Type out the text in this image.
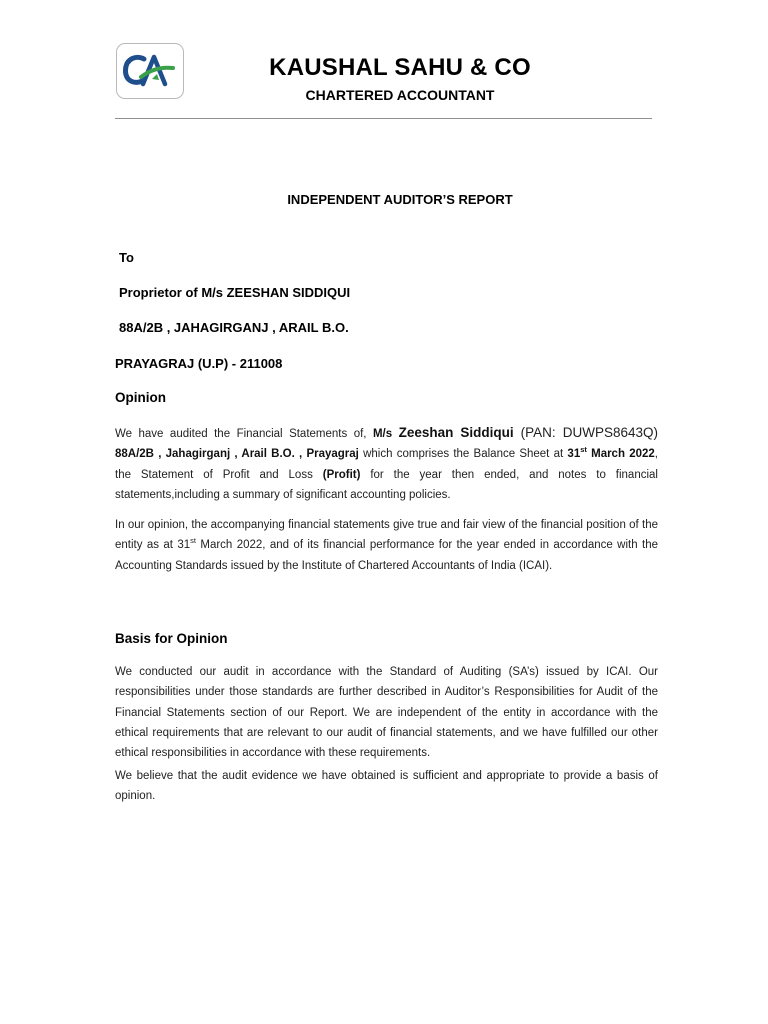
KAUSHAL SAHU & CO
CHARTERED ACCOUNTANT
INDEPENDENT AUDITOR’S REPORT
To
Proprietor of M/s ZEESHAN SIDDIQUI
88A/2B , JAHAGIRGANJ , ARAIL B.O.
PRAYAGRAJ (U.P) - 211008
Opinion
We have audited the Financial Statements of, M/s Zeeshan Siddiqui (PAN: DUWPS8643Q) 88A/2B , Jahagirganj , Arail B.O. , Prayagraj which comprises the Balance Sheet at 31st March 2022, the Statement of Profit and Loss (Profit) for the year then ended, and notes to financial statements,including a summary of significant accounting policies.
In our opinion, the accompanying financial statements give true and fair view of the financial position of the entity as at 31st March 2022, and of its financial performance for the year ended in accordance with the Accounting Standards issued by the Institute of Chartered Accountants of India (ICAI).
Basis for Opinion
We conducted our audit in accordance with the Standard of Auditing (SA’s) issued by ICAI. Our responsibilities under those standards are further described in Auditor’s Responsibilities for Audit of the Financial Statements section of our Report. We are independent of the entity in accordance with the ethical requirements that are relevant to our audit of financial statements, and we have fulfilled our other ethical responsibilities in accordance with these requirements.
We believe that the audit evidence we have obtained is sufficient and appropriate to provide a basis of opinion.
